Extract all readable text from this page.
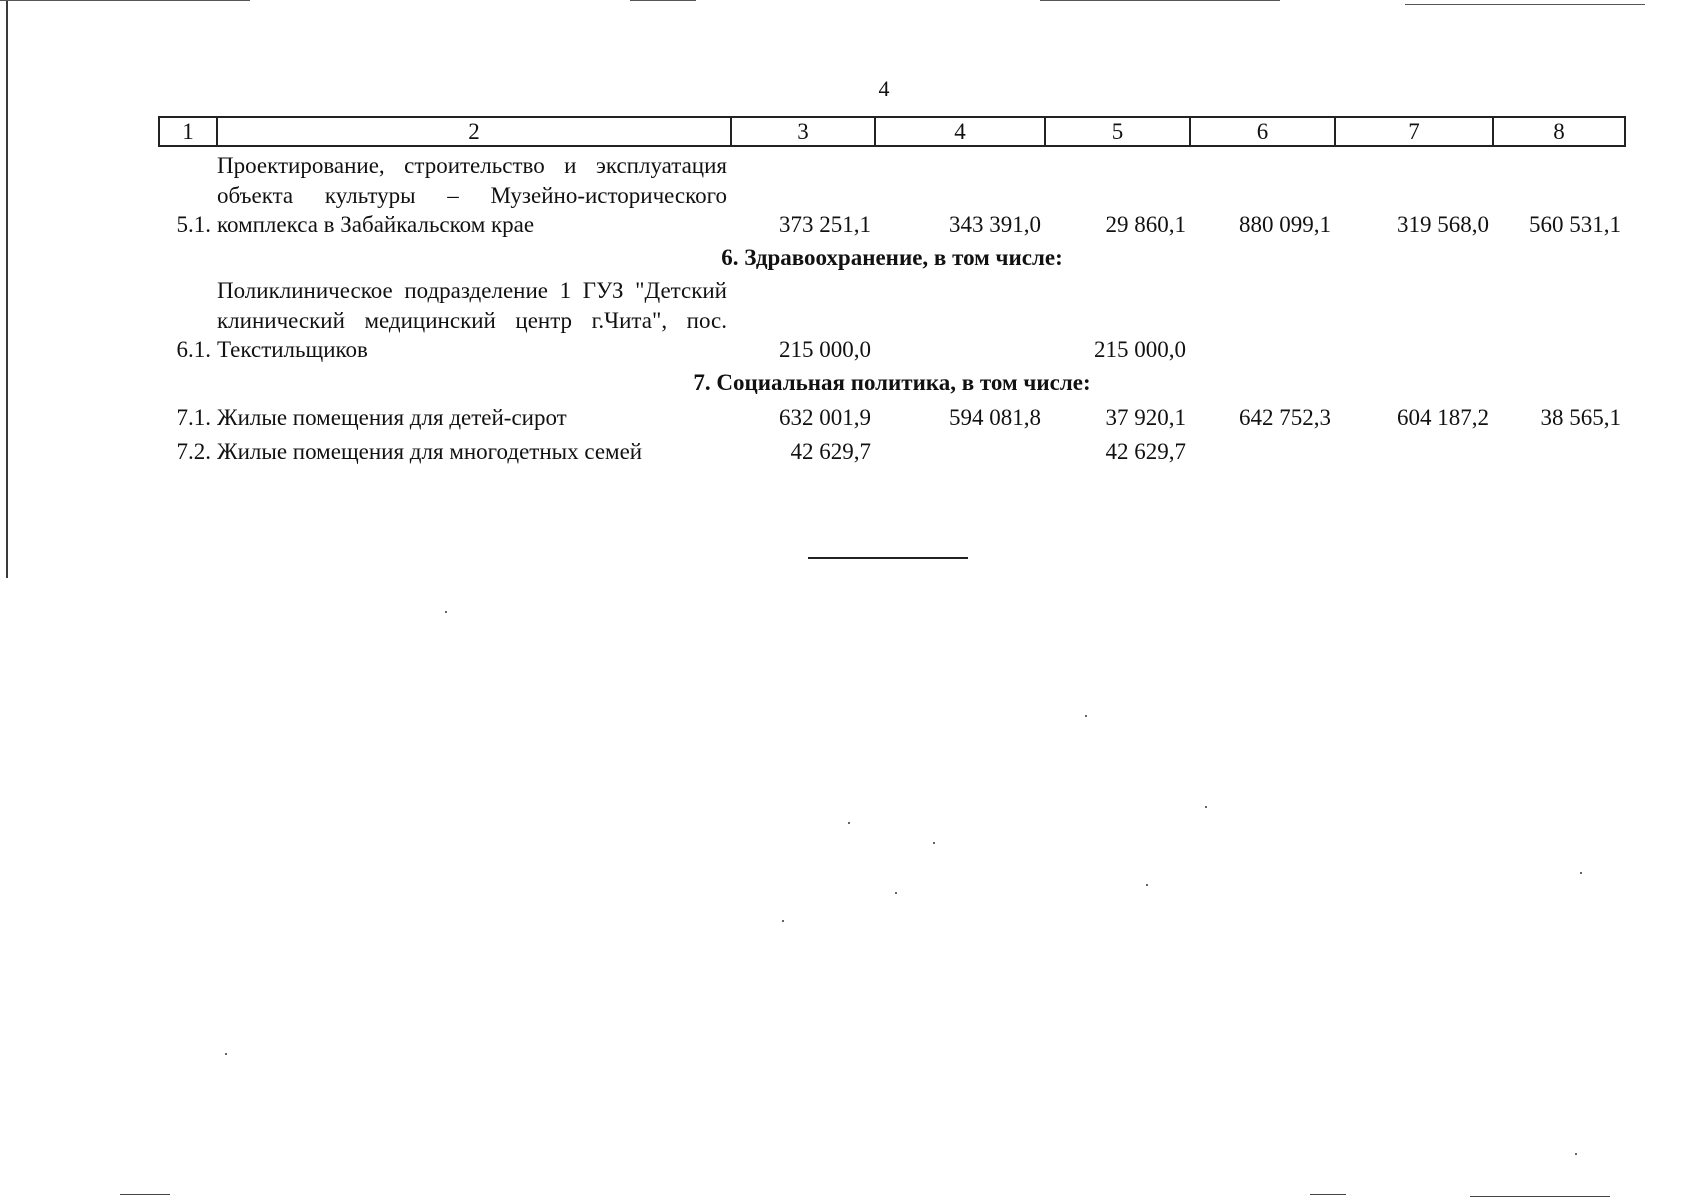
4
1	2	3	4	5	6	7	8
5.1.	Проектирование, строительство и эксплуатация объекта культуры – Музейно-исторического комплекса в Забайкальском крае	373 251,1	343 391,0	29 860,1	880 099,1	319 568,0	560 531,1
6. Здравоохранение, в том числе:							
6.1.	Поликлиническое подразделение 1 ГУЗ "Детский клинический медицинский центр г.Чита", пос. Текстильщиков	215 000,0		215 000,0			
7. Социальная политика, в том числе:							
7.1.	Жилые помещения для детей-сирот	632 001,9	594 081,8	37 920,1	642 752,3	604 187,2	38 565,1
7.2.	Жилые помещения для многодетных семей	42 629,7		42 629,7			
